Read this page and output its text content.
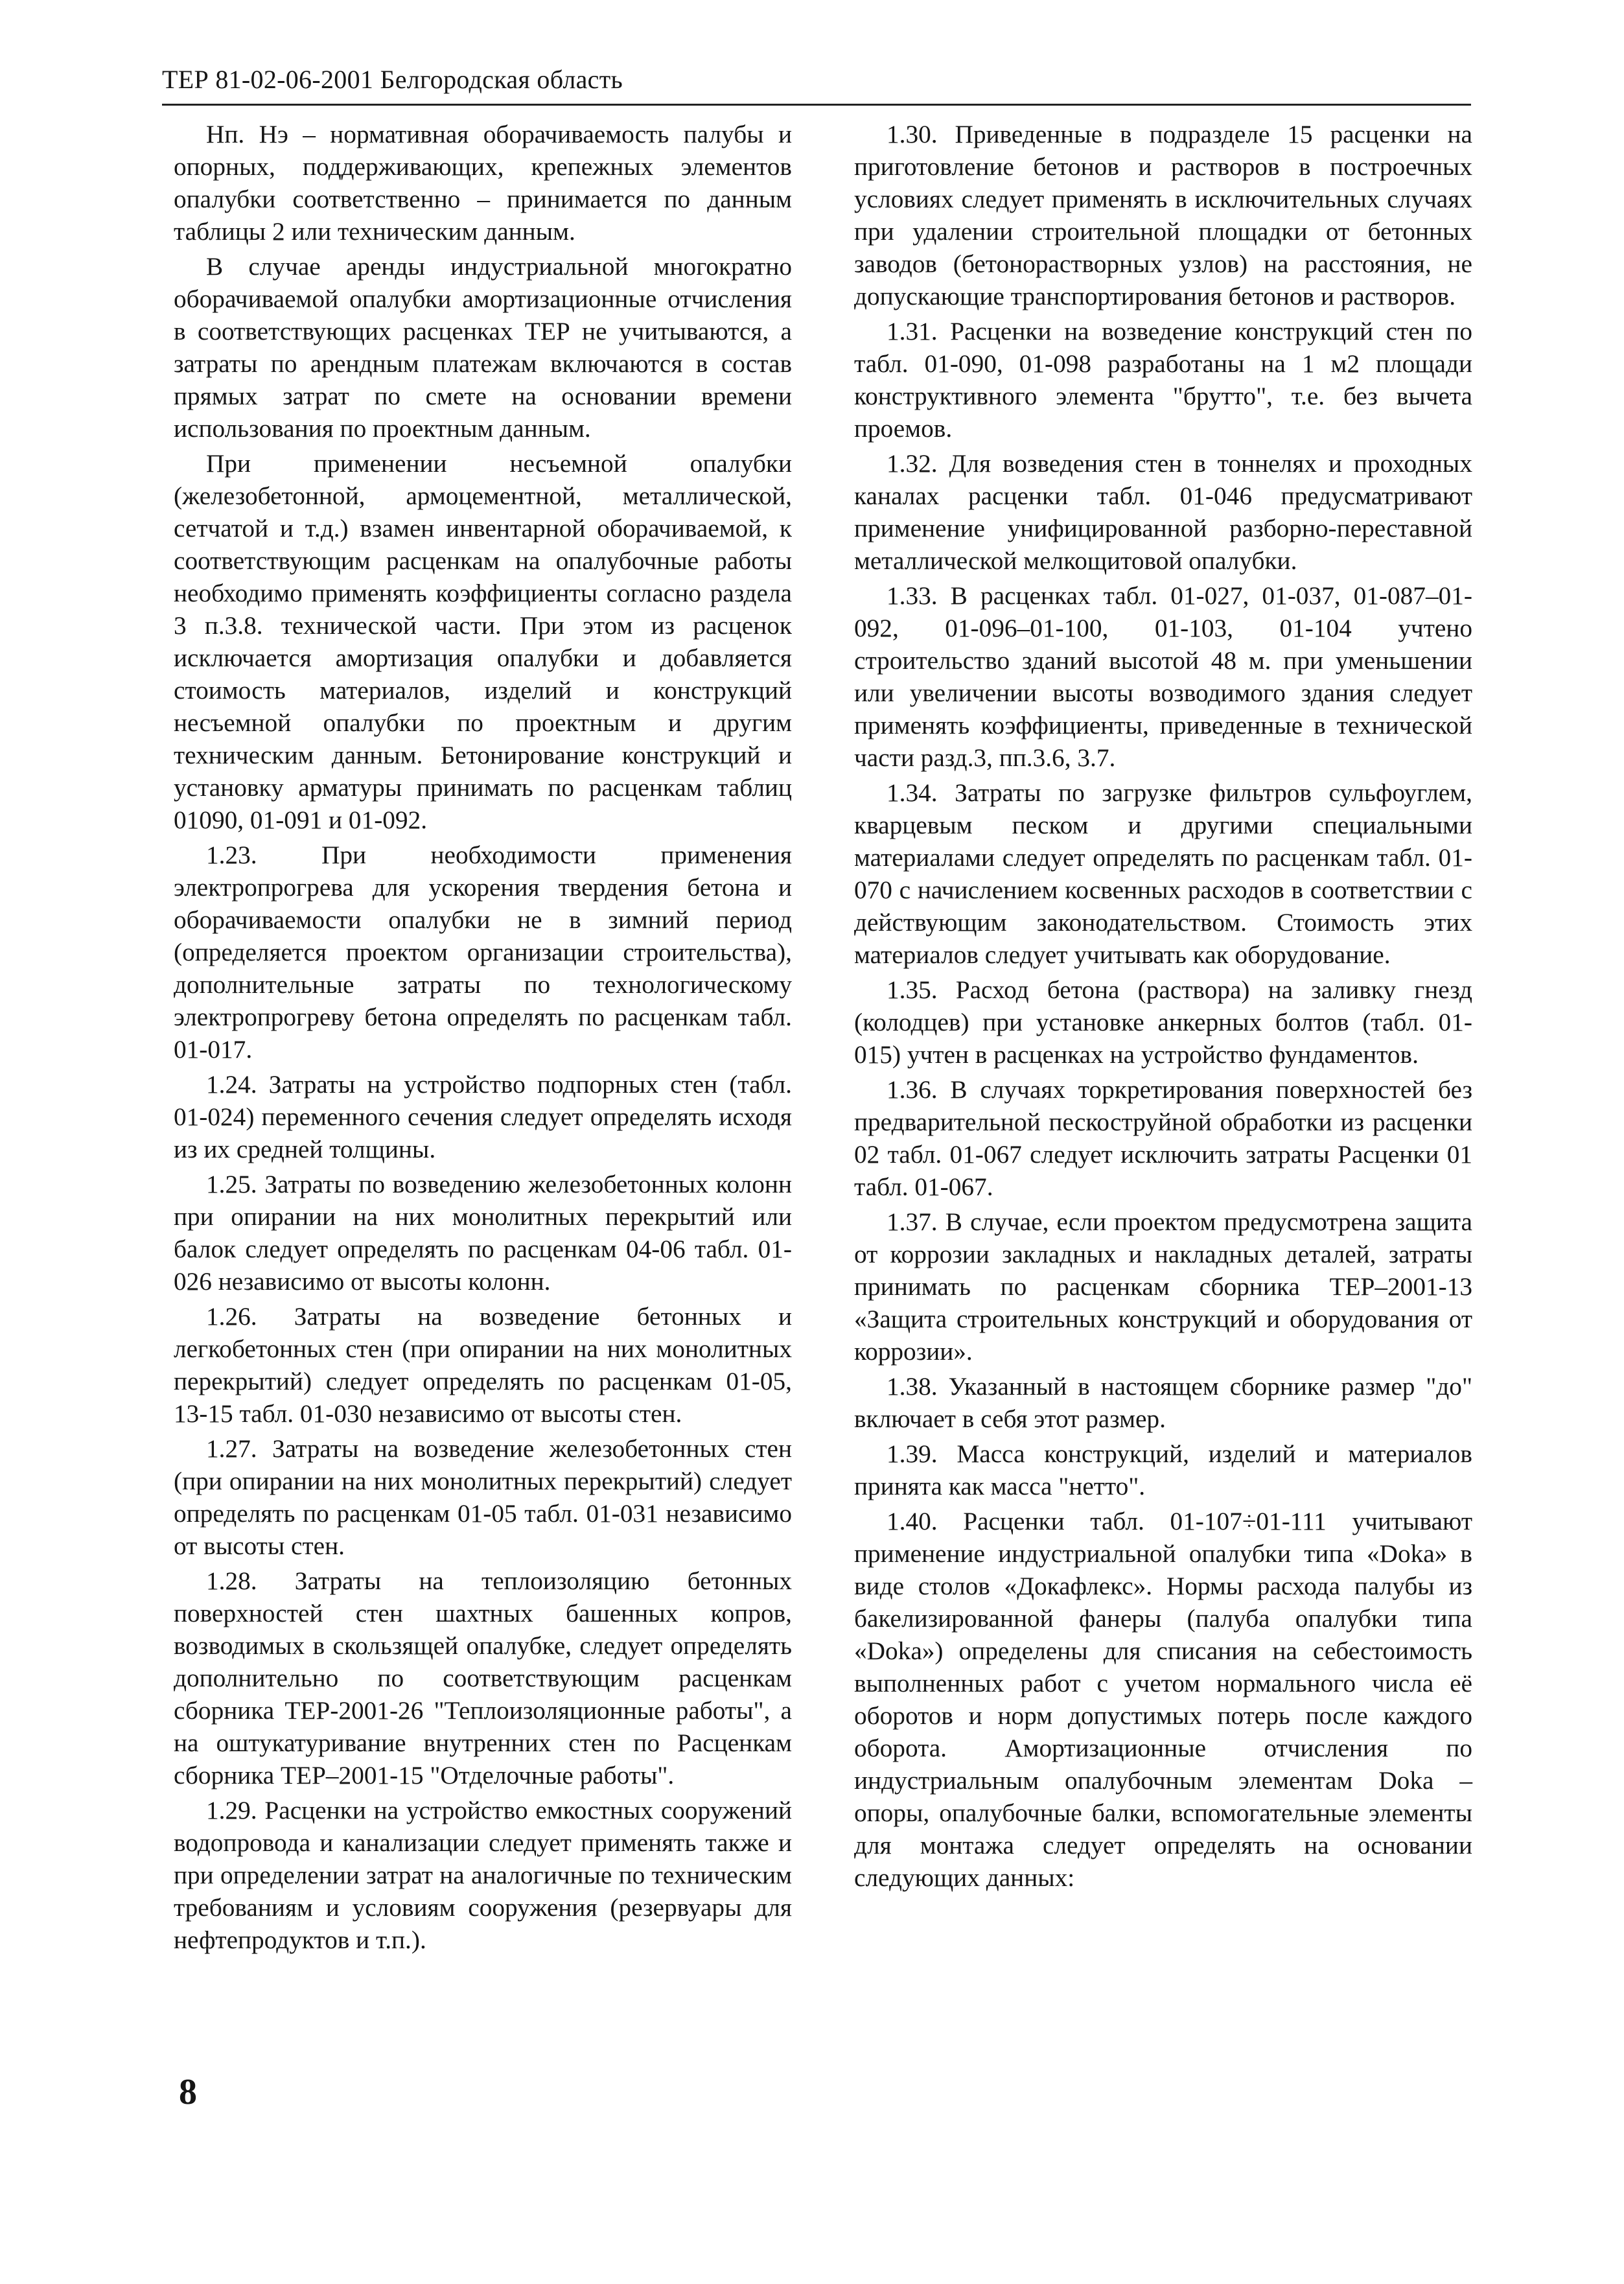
ТЕР 81-02-06-2001 Белгородская область

Нп. Нэ – нормативная оборачиваемость палубы и опорных, поддерживающих, крепежных элементов опалубки соответственно – принимается по данным таблицы 2 или техническим данным.

В случае аренды индустриальной многократно оборачиваемой опалубки амортизационные отчисления в соответствующих расценках ТЕР не учитываются, а затраты по арендным платежам включаются в состав прямых затрат по смете на основании времени использования по проектным данным.

При применении несъемной опалубки (железобетонной, армоцементной, металлической, сетчатой и т.д.) взамен инвентарной оборачиваемой, к соответствующим расценкам на опалубочные работы необходимо применять коэффициенты согласно раздела 3 п.3.8. технической части. При этом из расценок исключается амортизация опалубки и добавляется стоимость материалов, изделий и конструкций несъемной опалубки по проектным и другим техническим данным. Бетонирование конструкций и установку арматуры принимать по расценкам таблиц 01090, 01-091 и 01-092.

1.23. При необходимости применения электропрогрева для ускорения твердения бетона и оборачиваемости опалубки не в зимний период (определяется проектом организации строительства), дополнительные затраты по технологическому электропрогреву бетона определять по расценкам табл. 01-017.

1.24. Затраты на устройство подпорных стен (табл. 01-024) переменного сечения следует определять исходя из их средней толщины.

1.25. Затраты по возведению железобетонных колонн при опирании на них монолитных перекрытий или балок следует определять по расценкам 04-06 табл. 01-026 независимо от высоты колонн.

1.26. Затраты на возведение бетонных и легкобетонных стен (при опирании на них монолитных перекрытий) следует определять по расценкам 01-05, 13-15 табл. 01-030 независимо от высоты стен.

1.27. Затраты на возведение железобетонных стен (при опирании на них монолитных перекрытий) следует определять по расценкам 01-05 табл. 01-031 независимо от высоты стен.

1.28. Затраты на теплоизоляцию бетонных поверхностей стен шахтных башенных копров, возводимых в скользящей опалубке, следует определять дополнительно по соответствующим расценкам сборника ТЕР-2001-26 "Теплоизоляционные работы", а на оштукатуривание внутренних стен по Расценкам сборника ТЕР–2001-15 "Отделочные работы".

1.29. Расценки на устройство емкостных сооружений водопровода и канализации следует применять также и при определении затрат на аналогичные по техническим требованиям и условиям сооружения (резервуары для нефтепродуктов и т.п.).

1.30. Приведенные в подразделе 15 расценки на приготовление бетонов и растворов в построечных условиях следует применять в исключительных случаях при удалении строительной площадки от бетонных заводов (бетонорастворных узлов) на расстояния, не допускающие транспортирования бетонов и растворов.

1.31. Расценки на возведение конструкций стен по табл. 01-090, 01-098 разработаны на 1 м2 площади конструктивного элемента "брутто", т.е. без вычета проемов.

1.32. Для возведения стен в тоннелях и проходных каналах расценки табл. 01-046 предусматривают применение унифицированной разборно-переставной металлической мелкощитовой опалубки.

1.33. В расценках табл. 01-027, 01-037, 01-087–01-092, 01-096–01-100, 01-103, 01-104 учтено строительство зданий высотой 48 м. при уменьшении или увеличении высоты возводимого здания следует применять коэффициенты, приведенные в технической части разд.3, пп.3.6, 3.7.

1.34. Затраты по загрузке фильтров сульфоуглем, кварцевым песком и другими специальными материалами следует определять по расценкам табл. 01-070 с начислением косвенных расходов в соответствии с действующим законодательством. Стоимость этих материалов следует учитывать как оборудование.

1.35. Расход бетона (раствора) на заливку гнезд (колодцев) при установке анкерных болтов (табл. 01-015) учтен в расценках на устройство фундаментов.

1.36. В случаях торкретирования поверхностей без предварительной пескоструйной обработки из расценки 02 табл. 01-067 следует исключить затраты Расценки 01 табл. 01-067.

1.37. В случае, если проектом предусмотрена защита от коррозии закладных и накладных деталей, затраты принимать по расценкам сборника ТЕР–2001-13 «Защита строительных конструкций и оборудования от коррозии».

1.38. Указанный в настоящем сборнике размер "до" включает в себя этот размер.

1.39. Масса конструкций, изделий и материалов принята как масса "нетто".

1.40. Расценки табл. 01-107÷01-111 учитывают применение индустриальной опалубки типа «Doka» в виде столов «Докафлекс». Нормы расхода палубы из бакелизированной фанеры (палуба опалубки типа «Doka») определены для списания на себестоимость выполненных работ с учетом нормального числа её оборотов и норм допустимых потерь после каждого оборота. Амортизационные отчисления по индустриальным опалубочным элементам Doka – опоры, опалубочные балки, вспомогательные элементы для монтажа следует определять на основании следующих данных:

8
